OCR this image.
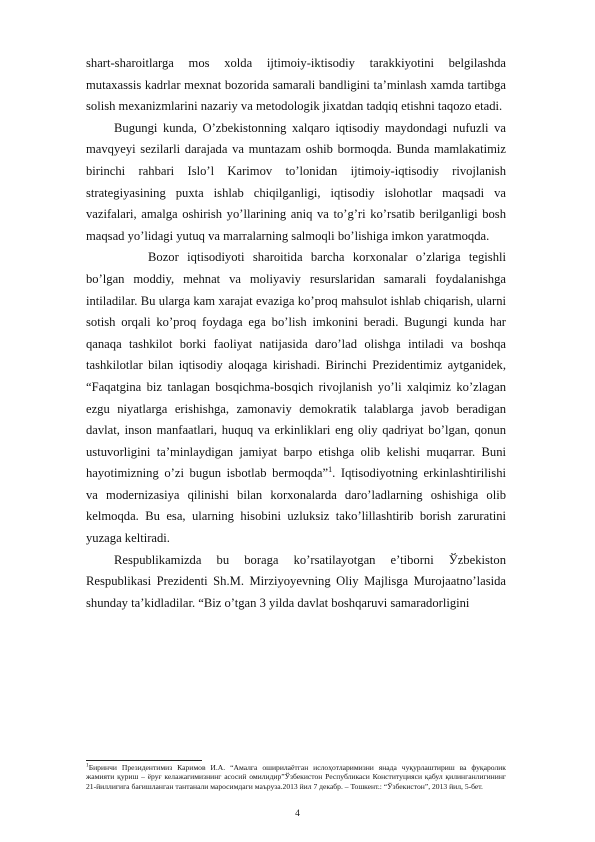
shart-sharoitlarga mos xolda ijtimoiy-iktisodiy tarakkiyotini belgilashda mutaxassis kadrlar mexnat bozorida samarali bandligini ta’minlash xamda tartibga solish mexanizmlarini nazariy va metodologik jixatdan tadqiq etishni taqozo etadi.

Bugungi kunda, O’zbekistonning xalqaro iqtisodiy maydondagi nufuzli va mavqyeyi sezilarli darajada va muntazam oshib bormoqda. Bunda mamlakatimiz birinchi rahbari Islo’l Karimov to’lonidan ijtimoiy-iqtisodiy rivojlanish strategiyasining puxta ishlab chiqilganligi, iqtisodiy islohotlar maqsadi va vazifalari, amalga oshirish yo’llarining aniq va to’g’ri ko’rsatib berilganligi bosh maqsad yo’lidagi yutuq va marralarning salmoqli bo’lishiga imkon yaratmoqda.

Bozor iqtisodiyoti sharoitida barcha korxonalar o’zlariga tegishli bo’lgan moddiy, mehnat va moliyaviy resurslaridan samarali foydalanishga intiladilar. Bu ularga kam xarajat evaziga ko’proq mahsulot ishlab chiqarish, ularni sotish orqali ko’proq foydaga ega bo’lish imkonini beradi. Bugungi kunda har qanaqa tashkilot borki faoliyat natijasida daro’lad olishga intiladi va boshqa tashkilotlar bilan iqtisodiy aloqaga kirishadi. Birinchi Prezidentimiz aytganidek, “Faqatgina biz tanlagan bosqichma-bosqich rivojlanish yo’li xalqimiz ko’zlagan ezgu niyatlarga erishishga, zamonaviy demokratik talablarga javob beradigan davlat, inson manfaatlari, huquq va erkinliklari eng oliy qadriyat bo’lgan, qonun ustuvorligini ta’minlaydigan jamiyat barpo etishga olib kelishi muqarrar. Buni hayotimizning o’zi bugun isbotlab bermoqda”$^1$. Iqtisodiyotning erkinlashtirilishi va modernizasiya qilinishi bilan korxonalarda daro’ladlarning oshishiga olib kelmoqda. Bu esa, ularning hisobini uzluksiz tako’lillashtirib borish zaruratini yuzaga keltiradi.

Respublikamizda bu boraga ko’rsatilayotgan e’tiborni Ўzbekiston Respublikasi Prezidenti Sh.M. Mirziyoyevning Oliy Majlisga Murojaatno’lasida shunday ta’kidladilar. “Biz o’tgan 3 yilda davlat boshqaruvi samaradorligini

$^1$Биринчи Президентимиз Каримов И.А. “Амалга оширилаётган ислоҳотларимизни янада чуқурлаштириш ва фуқаролик жамияти қуриш – ёруғ келажагимизнинг асосий омилидир”Ўзбекистон Республикаси Конституцияси қабул қилинганлигининг 21-йиллигига бағишланган тантанали маросимдаги маъруза.2013 йил 7 декабр. – Тошкент.: “Ўзбекистон”, 2013 йил, 5-бет.
4
